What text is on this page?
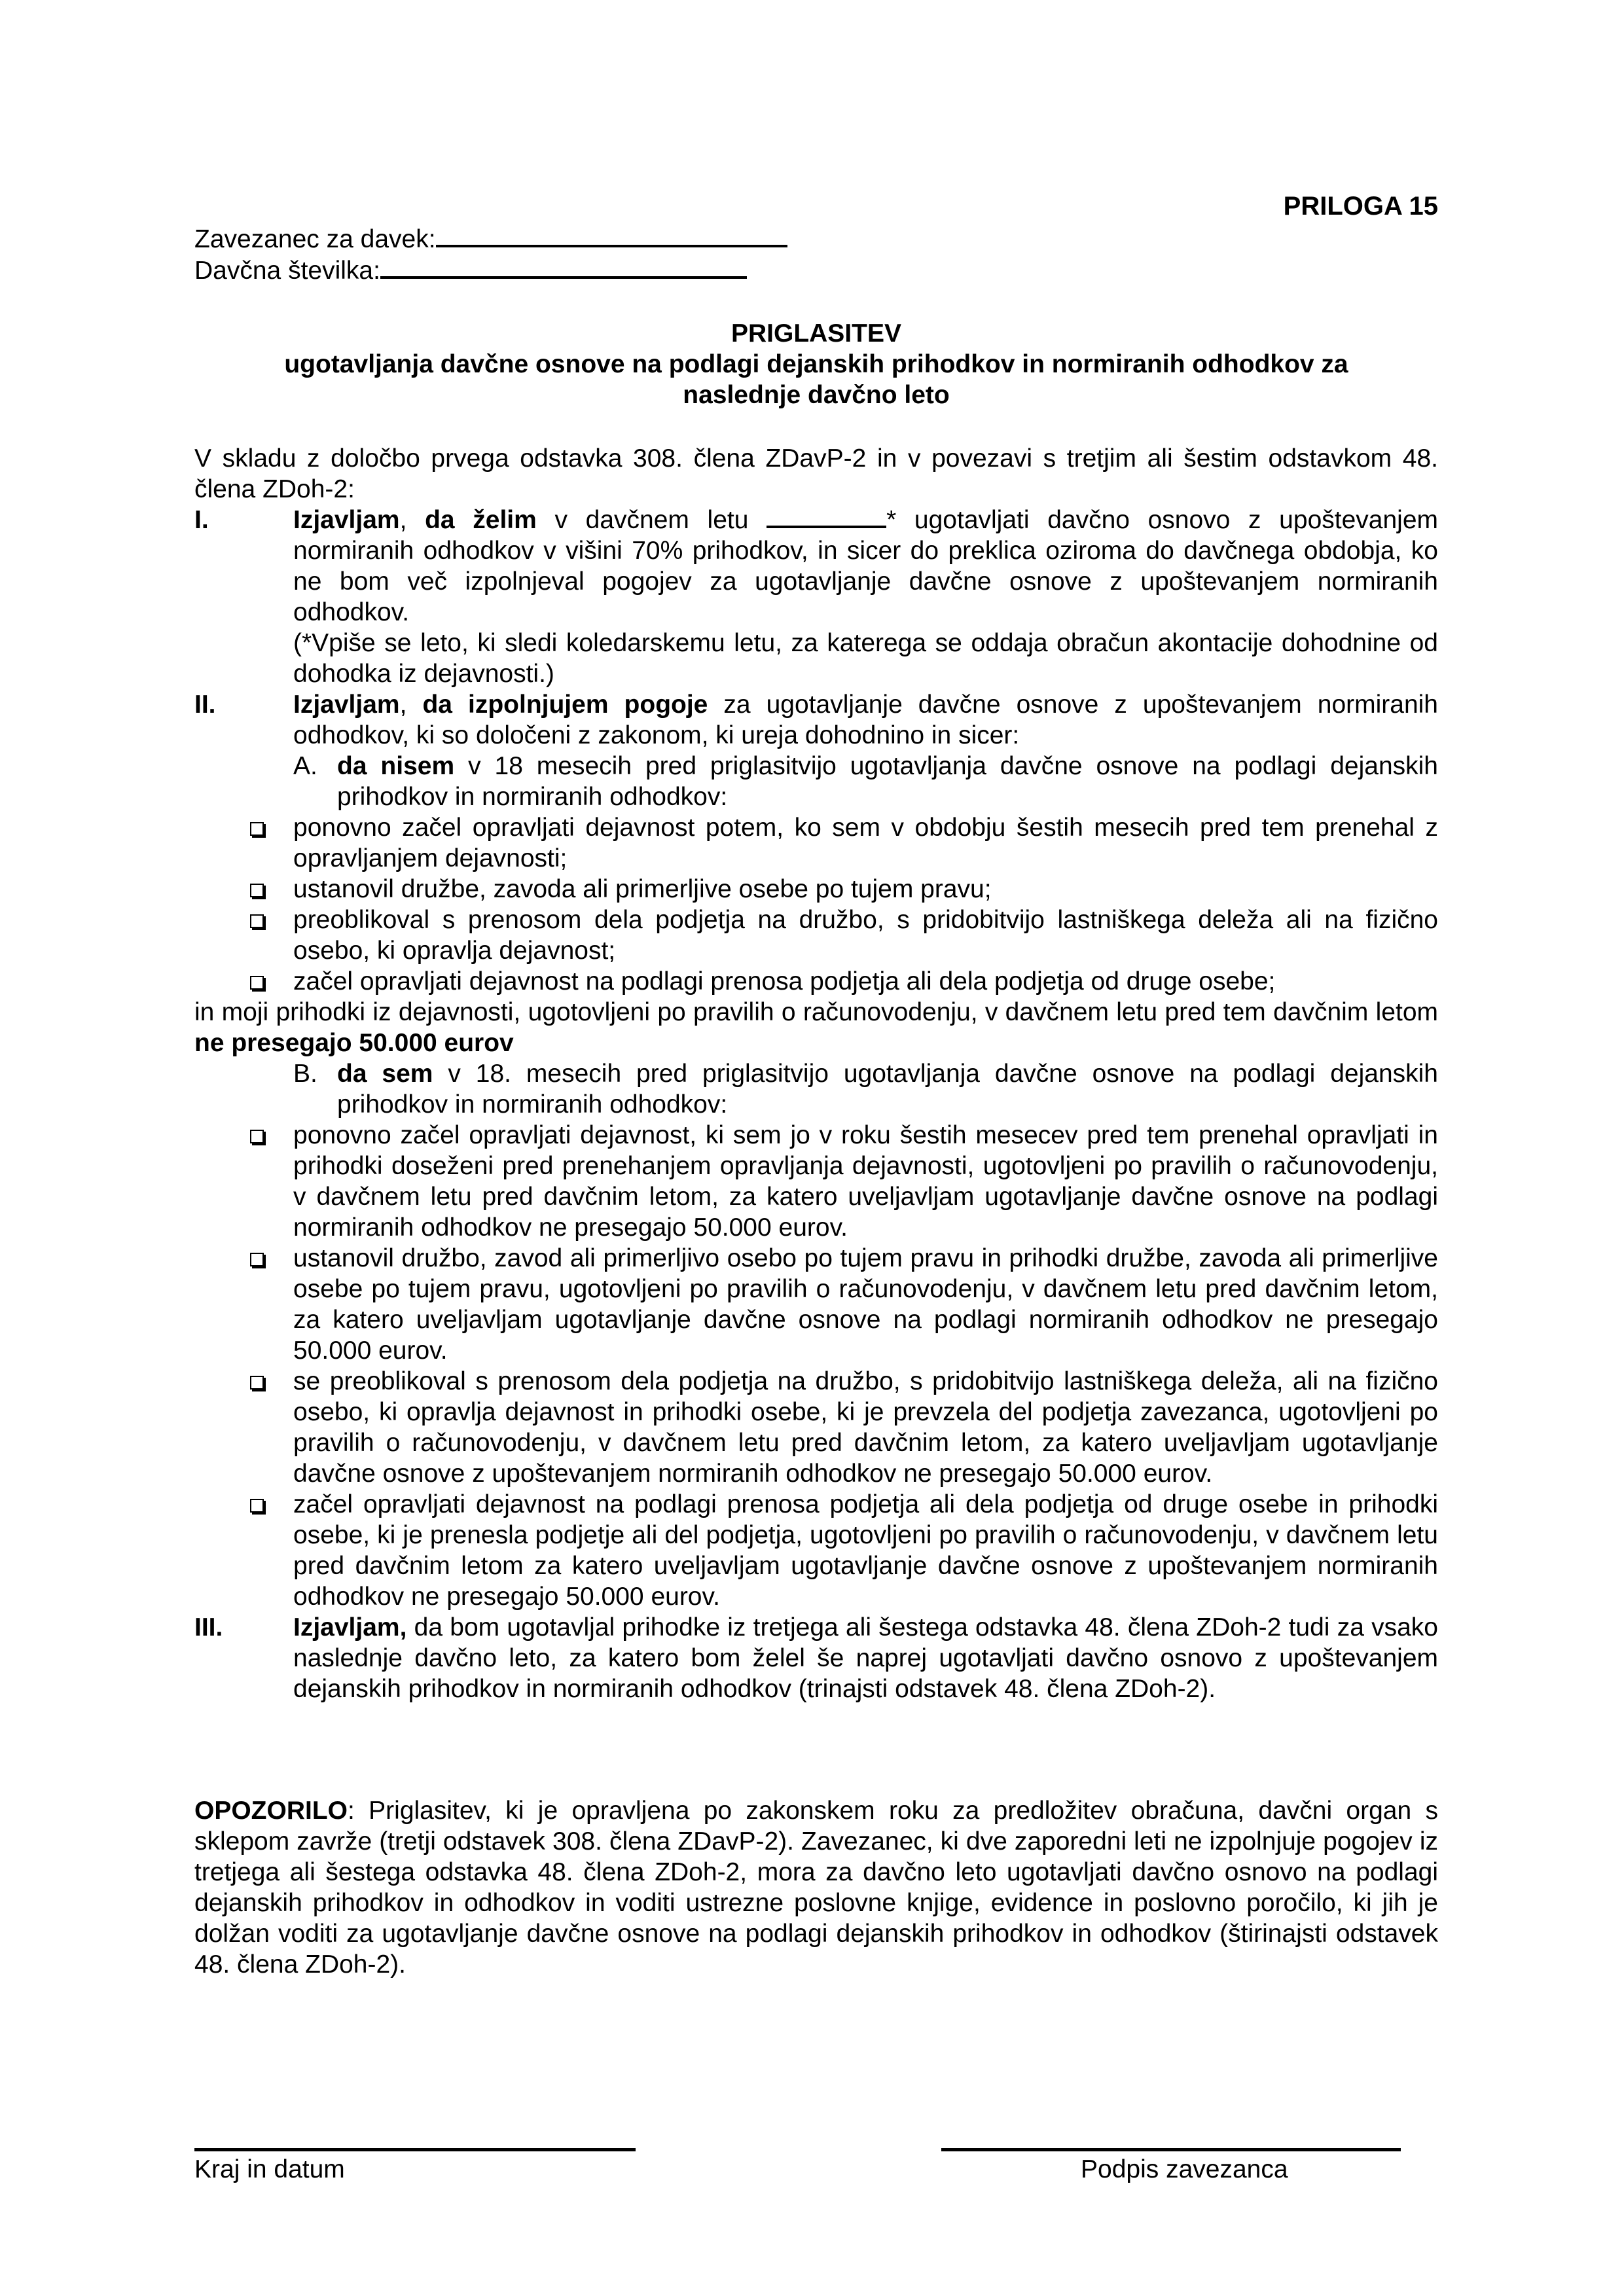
PRILOGA 15
Zavezanec za davek:
Davčna številka:
PRIGLASITEV
ugotavljanja davčne osnove na podlagi dejanskih prihodkov in normiranih odhodkov za
naslednje davčno leto
V skladu z določbo prvega odstavka 308. člena ZDavP-2 in v povezavi s tretjim ali šestim odstavkom 48. člena ZDoh-2:
I.	Izjavljam, da želim v davčnem letu	* ugotavljati davčno osnovo z upoštevanjem normiranih odhodkov v višini 70% prihodkov, in sicer do preklica oziroma do davčnega obdobja, ko ne bom več izpolnjeval pogojev za ugotavljanje davčne osnove z upoštevanjem normiranih odhodkov.
(*Vpiše se leto, ki sledi koledarskemu letu, za katerega se oddaja obračun akontacije dohodnine od dohodka iz dejavnosti.)
II.	Izjavljam, da izpolnjujem pogoje za ugotavljanje davčne osnove z upoštevanjem normiranih odhodkov, ki so določeni z zakonom, ki ureja dohodnino in sicer:
A. da nisem v 18 mesecih pred priglasitvijo ugotavljanja davčne osnove na podlagi dejanskih prihodkov in normiranih odhodkov:
ponovno začel opravljati dejavnost potem, ko sem v obdobju šestih mesecih pred tem prenehal z opravljanjem dejavnosti;
ustanovil družbe, zavoda ali primerljive osebe po tujem pravu;
preoblikoval s prenosom dela podjetja na družbo, s pridobitvijo lastniškega deleža ali na fizično osebo, ki opravlja dejavnost;
začel opravljati dejavnost na podlagi prenosa podjetja ali dela podjetja od druge osebe;
in moji prihodki iz dejavnosti, ugotovljeni po pravilih o računovodenju, v davčnem letu pred tem davčnim letom ne presegajo 50.000 eurov
B. da sem v 18. mesecih pred priglasitvijo ugotavljanja davčne osnove na podlagi dejanskih prihodkov in normiranih odhodkov:
ponovno začel opravljati dejavnost, ki sem jo v roku šestih mesecev pred tem prenehal opravljati in prihodki doseženi pred prenehanjem opravljanja dejavnosti, ugotovljeni po pravilih o računovodenju, v davčnem letu pred davčnim letom, za katero uveljavljam ugotavljanje davčne osnove na podlagi normiranih odhodkov ne presegajo 50.000 eurov.
ustanovil družbo, zavod ali primerljivo osebo po tujem pravu in prihodki družbe, zavoda ali primerljive osebe po tujem pravu, ugotovljeni po pravilih o računovodenju, v davčnem letu pred davčnim letom, za katero uveljavljam ugotavljanje davčne osnove na podlagi normiranih odhodkov ne presegajo 50.000 eurov.
se preoblikoval s prenosom dela podjetja na družbo, s pridobitvijo lastniškega deleža, ali na fizično osebo, ki opravlja dejavnost in prihodki osebe, ki je prevzela del podjetja zavezanca, ugotovljeni po pravilih o računovodenju, v davčnem letu pred davčnim letom, za katero uveljavljam ugotavljanje davčne osnove z upoštevanjem normiranih odhodkov ne presegajo 50.000 eurov.
začel opravljati dejavnost na podlagi prenosa podjetja ali dela podjetja od druge osebe in prihodki osebe, ki je prenesla podjetje ali del podjetja, ugotovljeni po pravilih o računovodenju, v davčnem letu pred davčnim letom za katero uveljavljam ugotavljanje davčne osnove z upoštevanjem normiranih odhodkov ne presegajo 50.000 eurov.
III.	Izjavljam, da bom ugotavljal prihodke iz tretjega ali šestega odstavka 48. člena ZDoh-2 tudi za vsako naslednje davčno leto, za katero bom želel še naprej ugotavljati davčno osnovo z upoštevanjem dejanskih prihodkov in normiranih odhodkov (trinajsti odstavek 48. člena ZDoh-2).
OPOZORILO: Priglasitev, ki je opravljena po zakonskem roku za predložitev obračuna, davčni organ s sklepom zavrže (tretji odstavek 308. člena ZDavP-2). Zavezanec, ki dve zaporedni leti ne izpolnjuje pogojev iz tretjega ali šestega odstavka 48. člena ZDoh-2, mora za davčno leto ugotavljati davčno osnovo na podlagi dejanskih prihodkov in odhodkov in voditi ustrezne poslovne knjige, evidence in poslovno poročilo, ki jih je dolžan voditi za ugotavljanje davčne osnove na podlagi dejanskih prihodkov in odhodkov (štirinajsti odstavek 48. člena ZDoh-2).
Kraj in datum	Podpis zavezanca
